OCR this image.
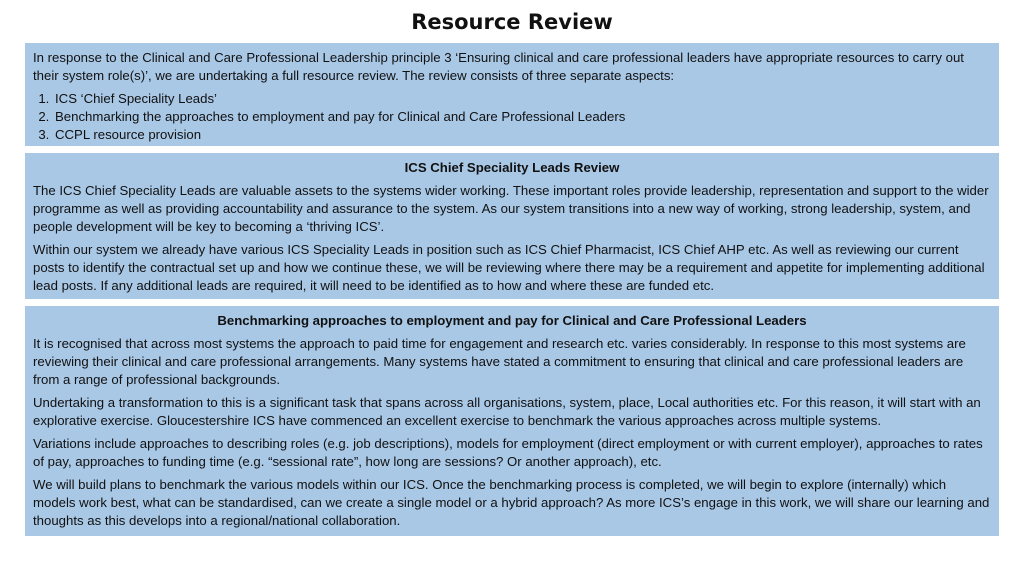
Resource Review

In response to the Clinical and Care Professional Leadership principle 3 ‘Ensuring clinical and care professional leaders have appropriate resources to carry out their system role(s)’, we are undertaking a full resource review. The review consists of three separate aspects:

1. ICS ‘Chief Speciality Leads’
2. Benchmarking the approaches to employment and pay for Clinical and Care Professional Leaders
3. CCPL resource provision
ICS Chief Speciality Leads Review

The ICS Chief Speciality Leads are valuable assets to the systems wider working. These important roles provide leadership, representation and support to the wider programme as well as providing accountability and assurance to the system. As our system transitions into a new way of working, strong leadership, system, and people development will be key to becoming a ‘thriving ICS’.

Within our system we already have various ICS Speciality Leads in position such as ICS Chief Pharmacist, ICS Chief AHP etc. As well as reviewing our current posts to identify the contractual set up and how we continue these, we will be reviewing where there may be a requirement and appetite for implementing additional lead posts. If any additional leads are required, it will need to be identified as to how and where these are funded etc.

Benchmarking approaches to employment and pay for Clinical and Care Professional Leaders

It is recognised that across most systems the approach to paid time for engagement and research etc. varies considerably. In response to this most systems are reviewing their clinical and care professional arrangements. Many systems have stated a commitment to ensuring that clinical and care professional leaders are from a range of professional backgrounds.

Undertaking a transformation to this is a significant task that spans across all organisations, system, place, Local authorities etc. For this reason, it will start with an explorative exercise. Gloucestershire ICS have commenced an excellent exercise to benchmark the various approaches across multiple systems.

Variations include approaches to describing roles (e.g. job descriptions), models for employment (direct employment or with current employer), approaches to rates of pay, approaches to funding time (e.g. “sessional rate”, how long are sessions? Or another approach), etc.

We will build plans to benchmark the various models within our ICS. Once the benchmarking process is completed, we will begin to explore (internally) which models work best, what can be standardised, can we create a single model or a hybrid approach? As more ICS’s engage in this work, we will share our learning and thoughts as this develops into a regional/national collaboration.
